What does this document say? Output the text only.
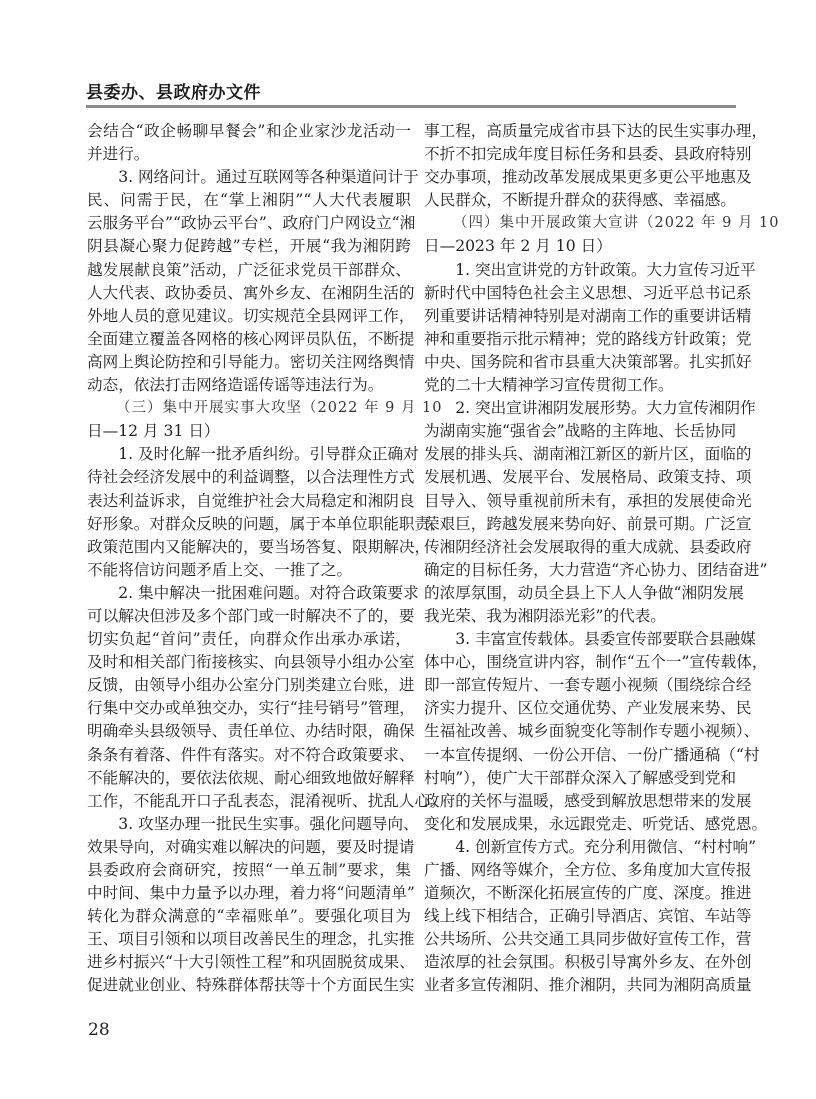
县委办、县政府办文件
会结合“政企畅聊早餐会”和企业家沙龙活动一
并进行。
3. 网络问计。通过互联网等各种渠道问计于
民、问需于民，在“掌上湘阴”“人大代表履职
云服务平台”“政协云平台”、政府门户网设立“湘
阴县凝心聚力促跨越”专栏，开展“我为湘阴跨
越发展献良策”活动，广泛征求党员干部群众、
人大代表、政协委员、寓外乡友、在湘阴生活的
外地人员的意见建议。切实规范全县网评工作，
全面建立覆盖各网格的核心网评员队伍，不断提
高网上舆论防控和引导能力。密切关注网络舆情
动态，依法打击网络造谣传谣等违法行为。
（三）集中开展实事大攻坚（2022 年 9 月 10
日—12 月 31 日）
1. 及时化解一批矛盾纠纷。引导群众正确对
待社会经济发展中的利益调整，以合法理性方式
表达利益诉求，自觉维护社会大局稳定和湘阴良
好形象。对群众反映的问题，属于本单位职能职责、
政策范围内又能解决的，要当场答复、限期解决，
不能将信访问题矛盾上交、一推了之。
2. 集中解决一批困难问题。对符合政策要求
可以解决但涉及多个部门或一时解决不了的，要
切实负起“首问”责任，向群众作出承办承诺，
及时和相关部门衔接核实、向县领导小组办公室
反馈，由领导小组办公室分门别类建立台账，进
行集中交办或单独交办，实行“挂号销号”管理，
明确牵头县级领导、责任单位、办结时限，确保
条条有着落、件件有落实。对不符合政策要求、
不能解决的，要依法依规、耐心细致地做好解释
工作，不能乱开口子乱表态，混淆视听、扰乱人心。
3. 攻坚办理一批民生实事。强化问题导向、
效果导向，对确实难以解决的问题，要及时提请
县委政府会商研究，按照“一单五制”要求，集
中时间、集中力量予以办理，着力将“问题清单”
转化为群众满意的“幸福账单”。要强化项目为
王、项目引领和以项目改善民生的理念，扎实推
进乡村振兴“十大引领性工程”和巩固脱贫成果、
促进就业创业、特殊群体帮扶等十个方面民生实
事工程，高质量完成省市县下达的民生实事办理，
不折不扣完成年度目标任务和县委、县政府特别
交办事项，推动改革发展成果更多更公平地惠及
人民群众，不断提升群众的获得感、幸福感。
（四）集中开展政策大宣讲（2022 年 9 月 10
日—2023 年 2 月 10 日）
1. 突出宣讲党的方针政策。大力宣传习近平
新时代中国特色社会主义思想、习近平总书记系
列重要讲话精神特别是对湖南工作的重要讲话精
神和重要指示批示精神；党的路线方针政策；党
中央、国务院和省市县重大决策部署。扎实抓好
党的二十大精神学习宣传贯彻工作。
2. 突出宣讲湘阴发展形势。大力宣传湘阴作
为湖南实施“强省会”战略的主阵地、长岳协同
发展的排头兵、湖南湘江新区的新片区，面临的
发展机遇、发展平台、发展格局、政策支持、项
目导入、领导重视前所未有，承担的发展使命光
荣艰巨，跨越发展来势向好、前景可期。广泛宣
传湘阴经济社会发展取得的重大成就、县委政府
确定的目标任务，大力营造“齐心协力、团结奋进”
的浓厚氛围，动员全县上下人人争做“湘阴发展
我光荣、我为湘阴添光彩”的代表。
3. 丰富宣传载体。县委宣传部要联合县融媒
体中心，围绕宣讲内容，制作“五个一”宣传载体，
即一部宣传短片、一套专题小视频（围绕综合经
济实力提升、区位交通优势、产业发展来势、民
生福祉改善、城乡面貌变化等制作专题小视频）、
一本宣传提纲、一份公开信、一份广播通稿（“村
村响”），使广大干部群众深入了解感受到党和
政府的关怀与温暖，感受到解放思想带来的发展
变化和发展成果，永远跟党走、听党话、感党恩。
4. 创新宣传方式。充分利用微信、“村村响”
广播、网络等媒介，全方位、多角度加大宣传报
道频次，不断深化拓展宣传的广度、深度。推进
线上线下相结合，正确引导酒店、宾馆、车站等
公共场所、公共交通工具同步做好宣传工作，营
造浓厚的社会氛围。积极引导寓外乡友、在外创
业者多宣传湘阴、推介湘阴，共同为湘阴高质量
28
